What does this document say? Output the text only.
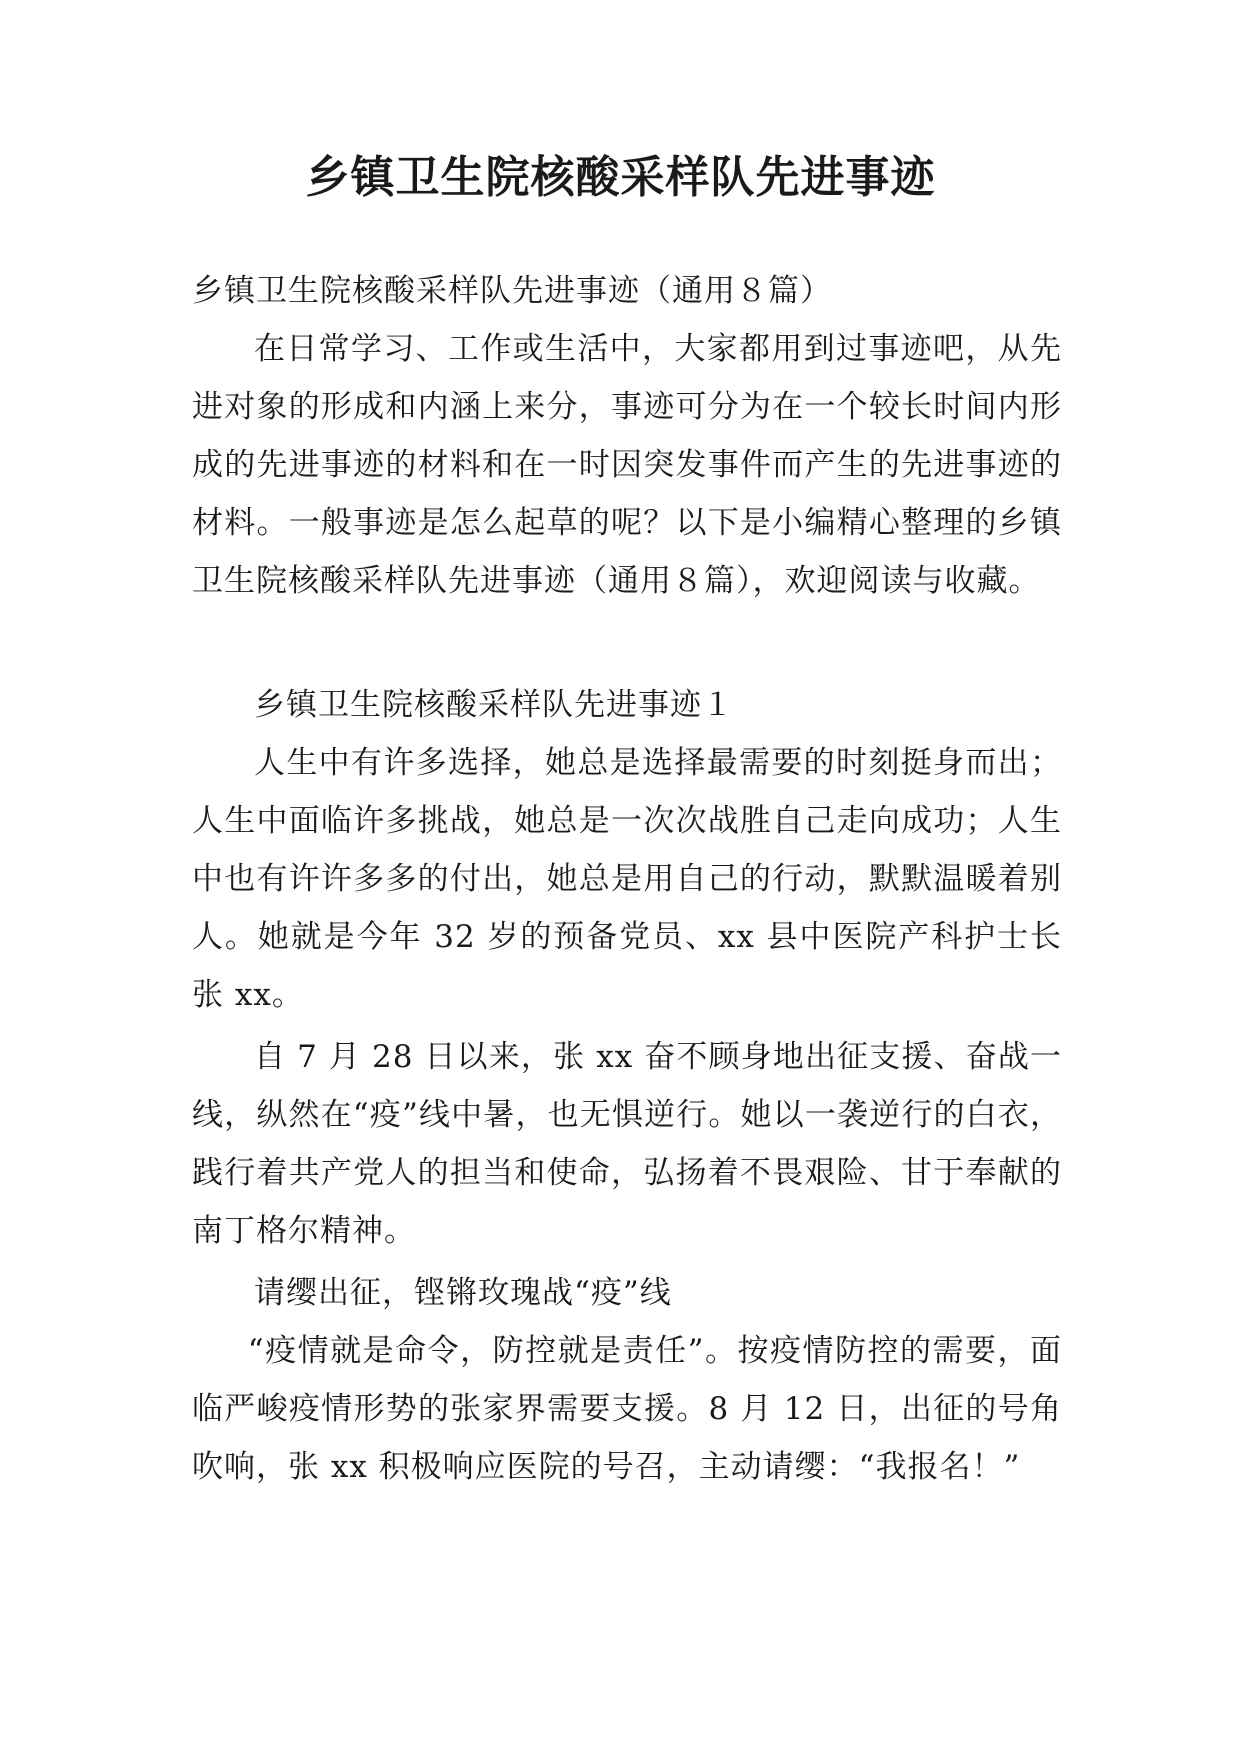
乡镇卫生院核酸采样队先进事迹

乡镇卫生院核酸采样队先进事迹（通用８篇）

在日常学习、工作或生活中，大家都用到过事迹吧，从先进对象的形成和内涵上来分，事迹可分为在一个较长时间内形成的先进事迹的材料和在一时因突发事件而产生的先进事迹的材料。一般事迹是怎么起草的呢？以下是小编精心整理的乡镇卫生院核酸采样队先进事迹（通用８篇），欢迎阅读与收藏。

乡镇卫生院核酸采样队先进事迹１

人生中有许多选择，她总是选择最需要的时刻挺身而出；人生中面临许多挑战，她总是一次次战胜自己走向成功；人生中也有许许多多的付出，她总是用自己的行动，默默温暖着别人。她就是今年 32 岁的预备党员、xx 县中医院产科护士长张 xx。

自 7 月 28 日以来，张 xx 奋不顾身地出征支援、奋战一线，纵然在“疫”线中暑，也无惧逆行。她以一袭逆行的白衣，践行着共产党人的担当和使命，弘扬着不畏艰险、甘于奉献的南丁格尔精神。

请缨出征，铿锵玫瑰战“疫”线

“疫情就是命令，防控就是责任”。按疫情防控的需要，面临严峻疫情形势的张家界需要支援。8 月 12 日，出征的号角吹响，张 xx 积极响应医院的号召，主动请缨：“我报名！”
